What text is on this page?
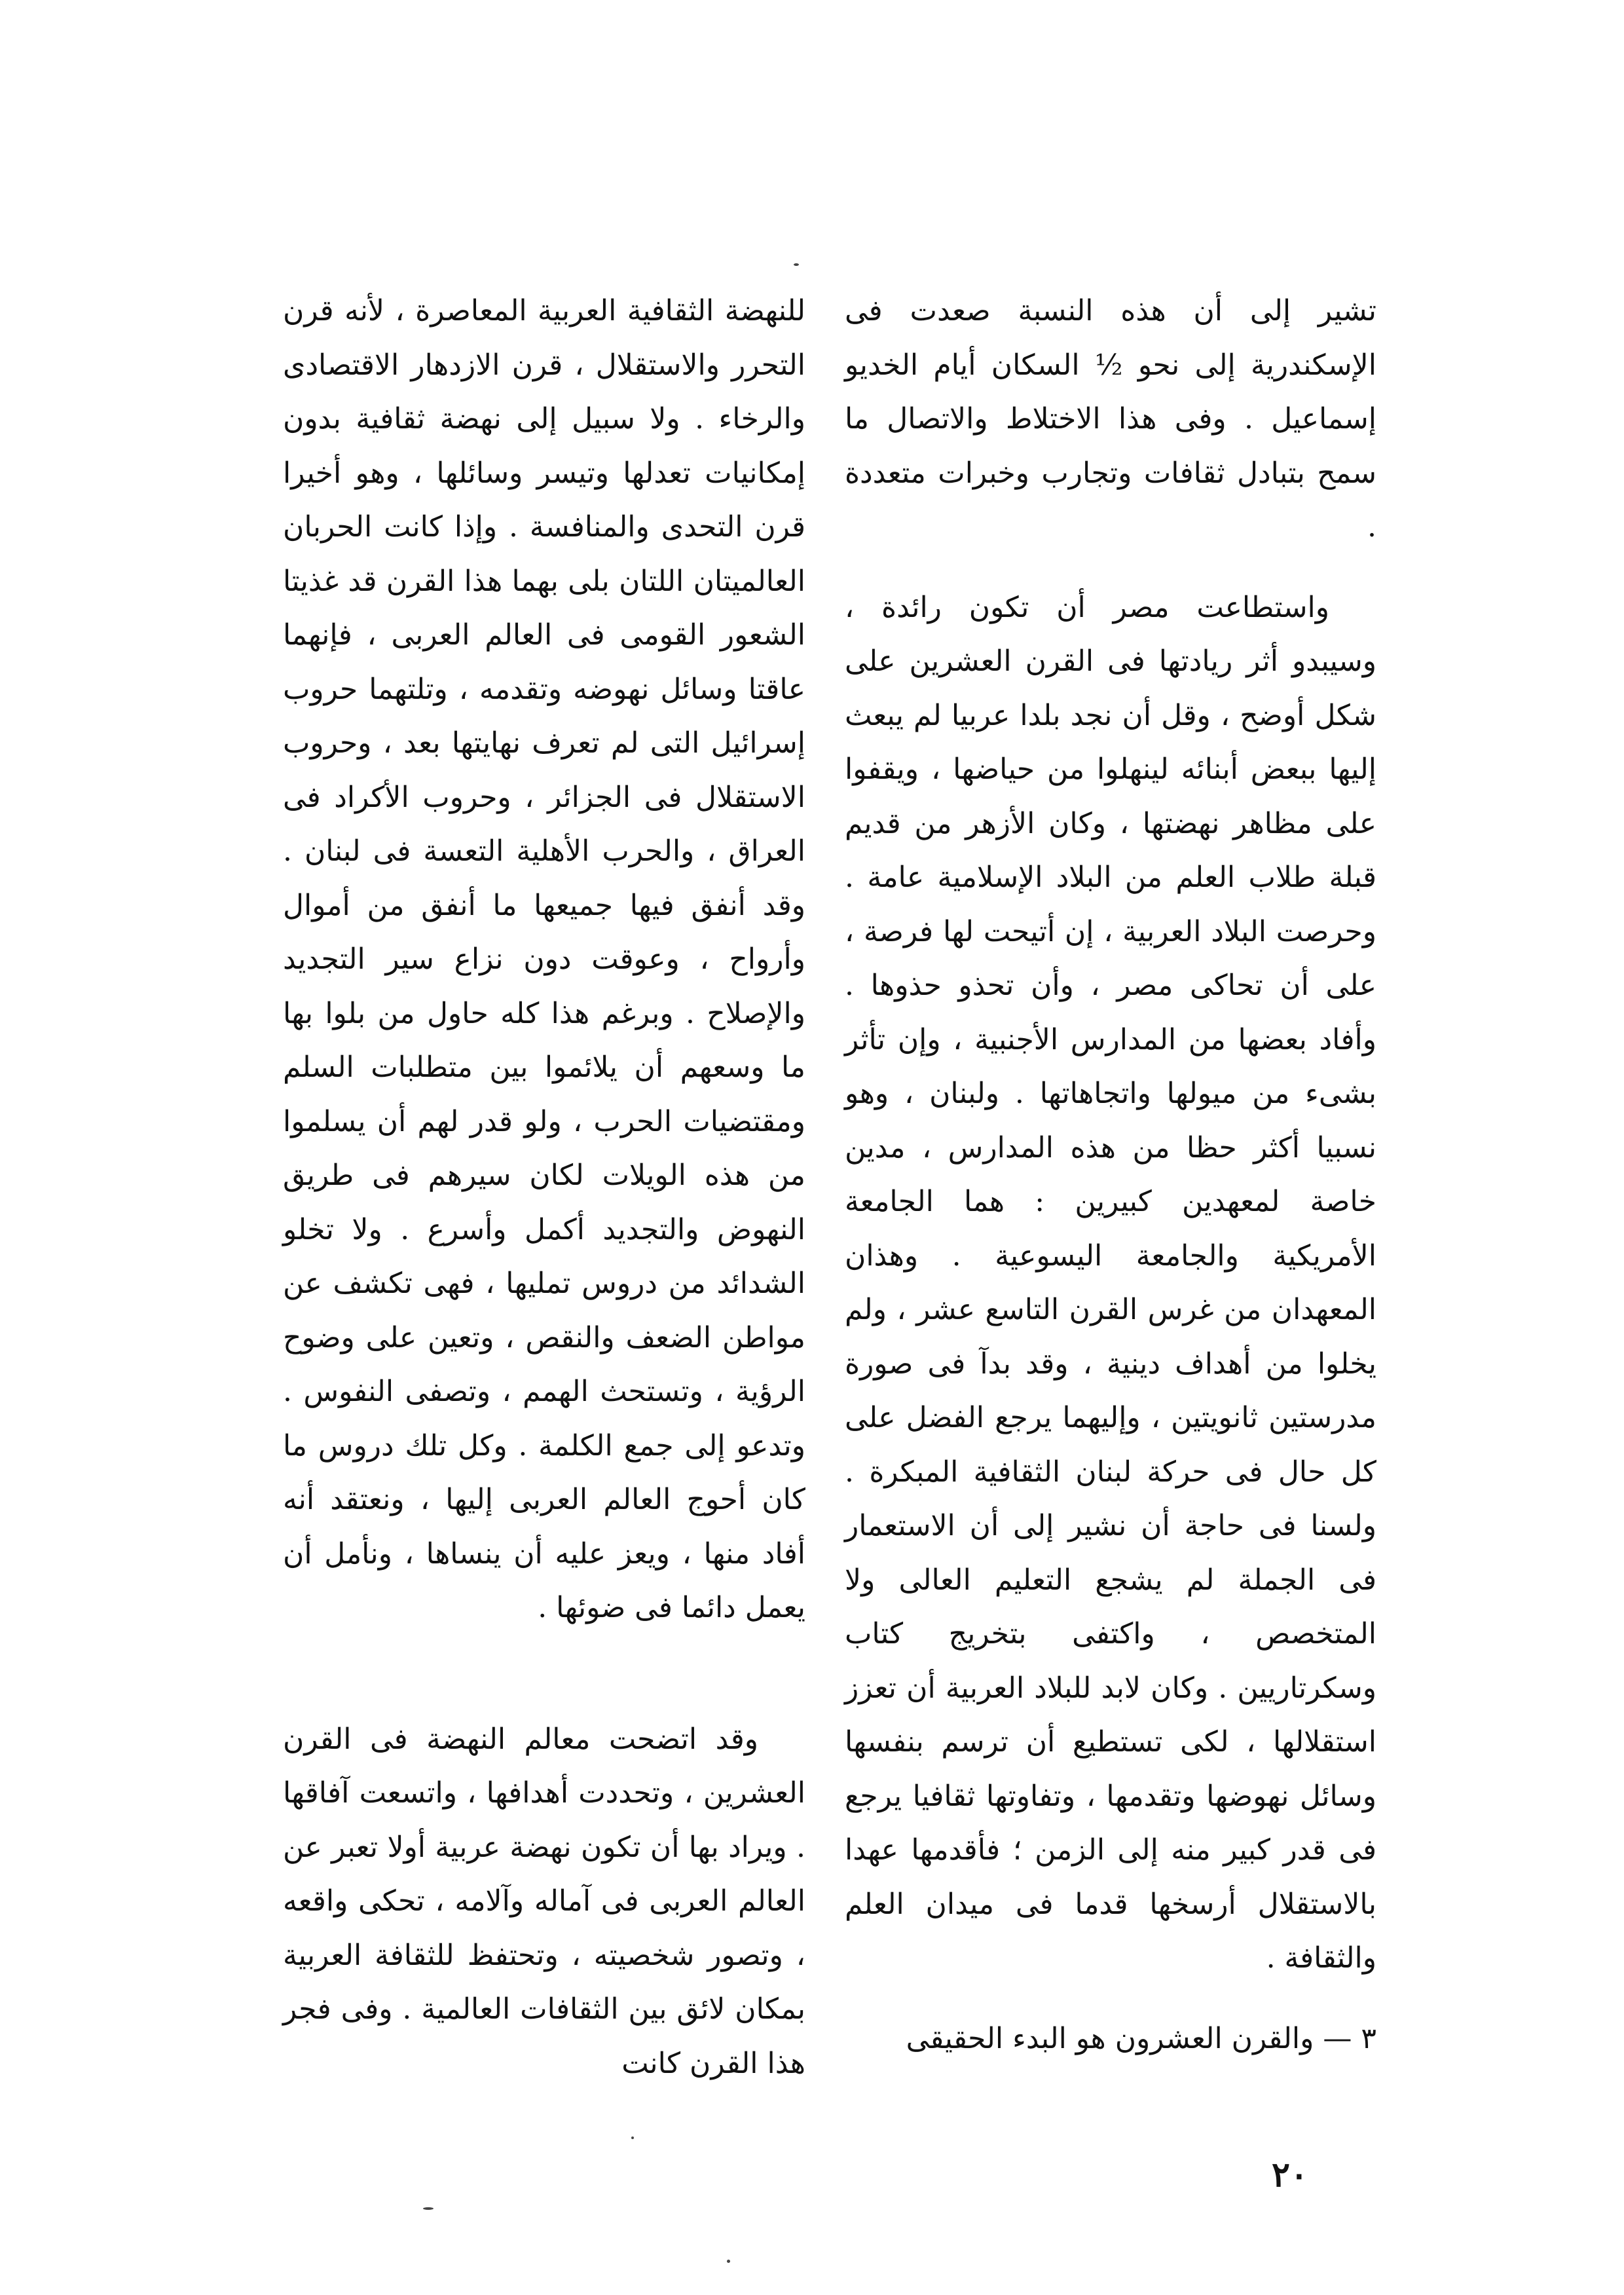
تشير إلى أن هذه النسبة صعدت فى الإسكندرية إلى نحو ½ السكان أيام الخديو إسماعيل . وفى هذا الاختلاط والاتصال ما سمح بتبادل ثقافات وتجارب وخبرات متعددة .

واستطاعت مصر أن تكون رائدة ، وسيبدو أثر ريادتها فى القرن العشرين على شكل أوضح ، وقل أن نجد بلدا عربيا لم يبعث إليها ببعض أبنائه لينهلوا من حياضها ، ويقفوا على مظاهر نهضتها ، وكان الأزهر من قديم قبلة طلاب العلم من البلاد الإسلامية عامة . وحرصت البلاد العربية ، إن أتيحت لها فرصة ، على أن تحاكى مصر ، وأن تحذو حذوها . وأفاد بعضها من المدارس الأجنبية ، وإن تأثر بشىء من ميولها واتجاهاتها . ولبنان ، وهو نسبيا أكثر حظا من هذه المدارس ، مدين خاصة لمعهدين كبيرين : هما الجامعة الأمريكية والجامعة اليسوعية . وهذان المعهدان من غرس القرن التاسع عشر ، ولم يخلوا من أهداف دينية ، وقد بدآ فى صورة مدرستين ثانويتين ، وإليهما يرجع الفضل على كل حال فى حركة لبنان الثقافية المبكرة . ولسنا فى حاجة أن نشير إلى أن الاستعمار فى الجملة لم يشجع التعليم العالى ولا المتخصص ، واكتفى بتخريج كتاب وسكرتاريين . وكان لابد للبلاد العربية أن تعزز استقلالها ، لكى تستطيع أن ترسم بنفسها وسائل نهوضها وتقدمها ، وتفاوتها ثقافيا يرجع فى قدر كبير منه إلى الزمن ؛ فأقدمها عهدا بالاستقلال أرسخها قدما فى ميدان العلم والثقافة .

٣ — والقرن العشرون هو البدء الحقيقى

للنهضة الثقافية العربية المعاصرة ، لأنه قرن التحرر والاستقلال ، قرن الازدهار الاقتصادى والرخاء . ولا سبيل إلى نهضة ثقافية بدون إمكانيات تعدلها وتيسر وسائلها ، وهو أخيرا قرن التحدى والمنافسة . وإذا كانت الحربان العالميتان اللتان بلى بهما هذا القرن قد غذيتا الشعور القومى فى العالم العربى ، فإنهما عاقتا وسائل نهوضه وتقدمه ، وتلتهما حروب إسرائيل التى لم تعرف نهايتها بعد ، وحروب الاستقلال فى الجزائر ، وحروب الأكراد فى العراق ، والحرب الأهلية التعسة فى لبنان . وقد أنفق فيها جميعها ما أنفق من أموال وأرواح ، وعوقت دون نزاع سير التجديد والإصلاح . وبرغم هذا كله حاول من بلوا بها ما وسعهم أن يلائموا بين متطلبات السلم ومقتضيات الحرب ، ولو قدر لهم أن يسلموا من هذه الويلات لكان سيرهم فى طريق النهوض والتجديد أكمل وأسرع . ولا تخلو الشدائد من دروس تمليها ، فهى تكشف عن مواطن الضعف والنقص ، وتعين على وضوح الرؤية ، وتستحث الهمم ، وتصفى النفوس . وتدعو إلى جمع الكلمة . وكل تلك دروس ما كان أحوج العالم العربى إليها ، ونعتقد أنه أفاد منها ، ويعز عليه أن ينساها ، ونأمل أن يعمل دائما فى ضوئها .

وقد اتضحت معالم النهضة فى القرن العشرين ، وتحددت أهدافها ، واتسعت آفاقها . ويراد بها أن تكون نهضة عربية أولا تعبر عن العالم العربى فى آماله وآلامه ، تحكى واقعه ، وتصور شخصيته ، وتحتفظ للثقافة العربية بمكان لائق بين الثقافات العالمية . وفى فجر هذا القرن كانت

٢٠
